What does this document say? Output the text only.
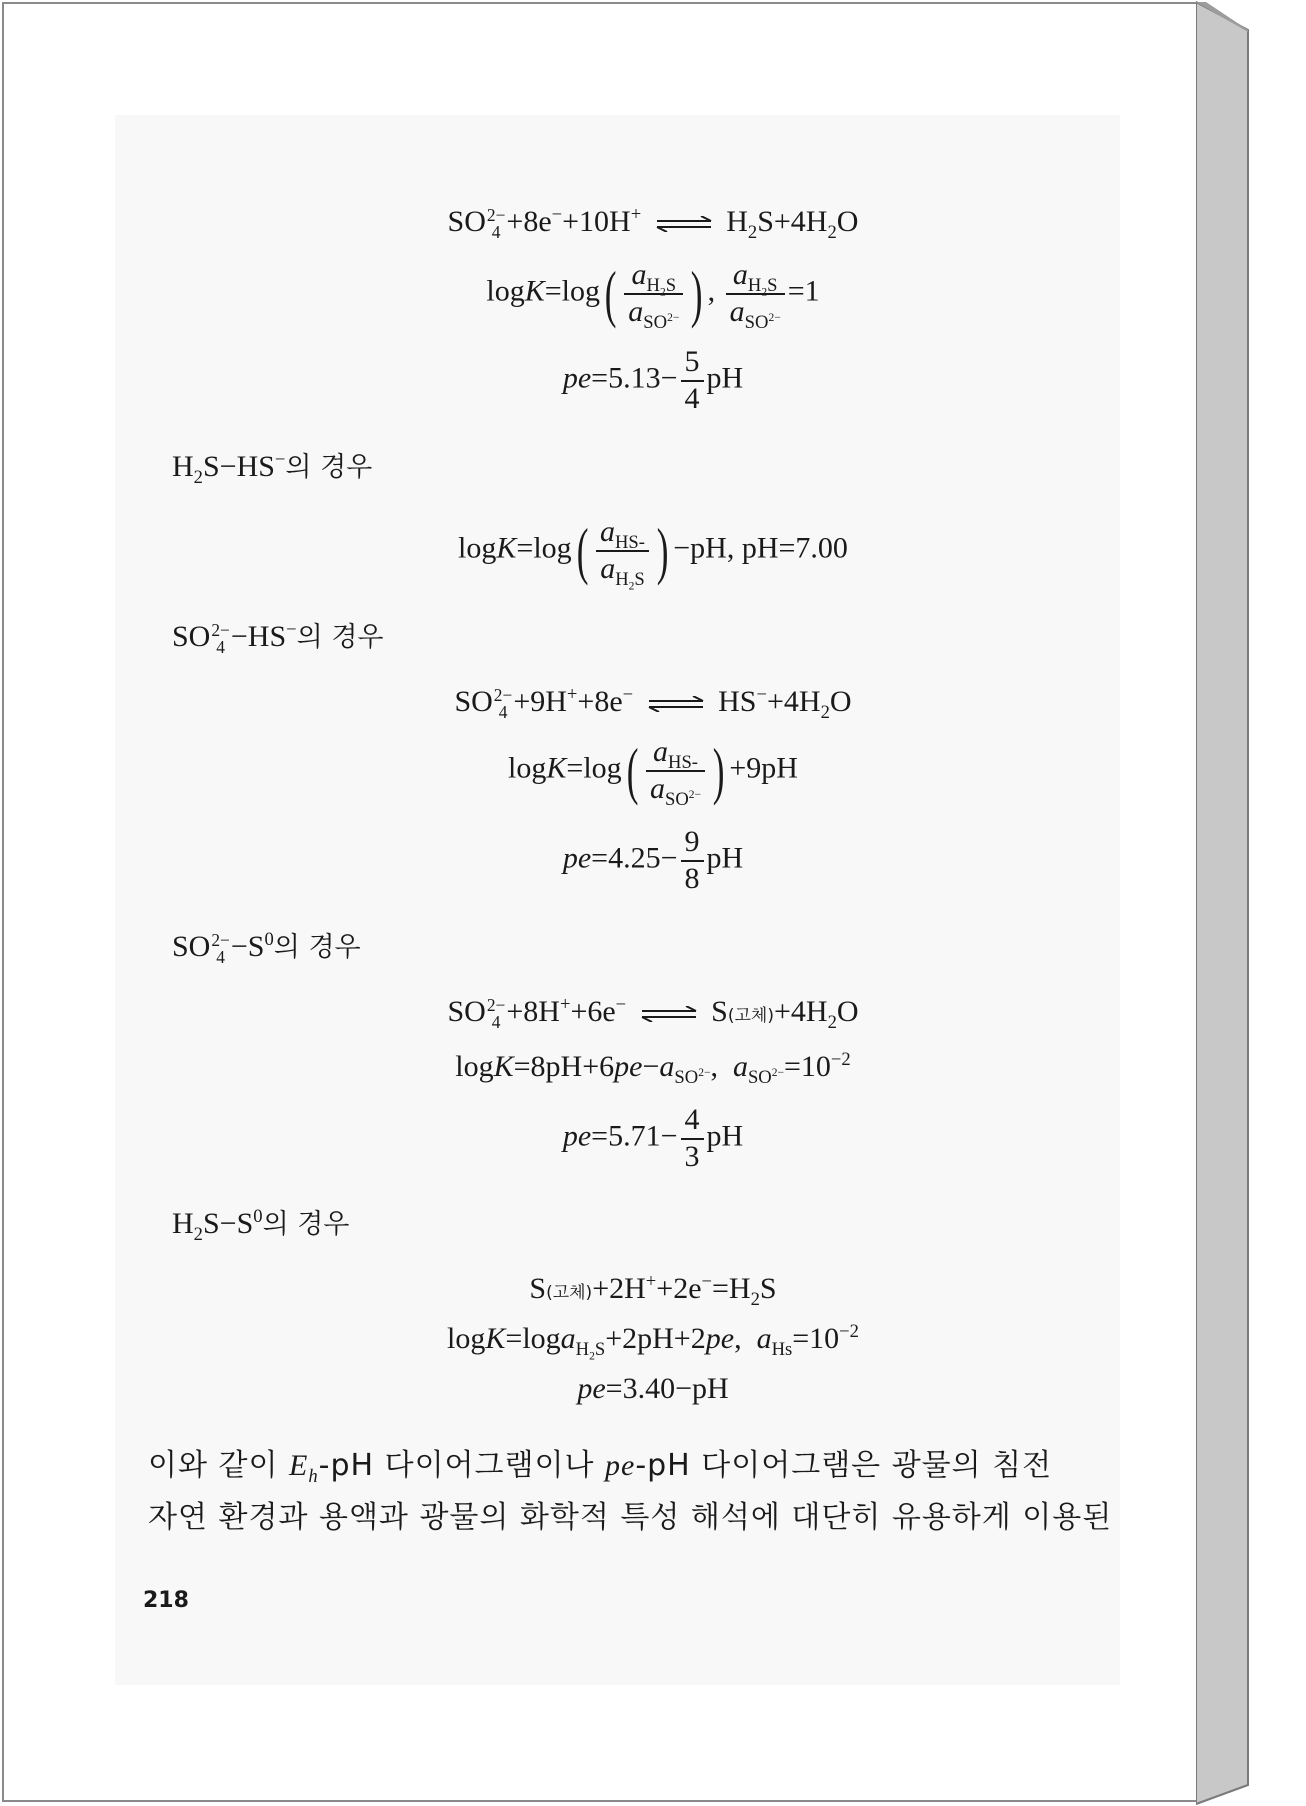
SO 2−
4 +8e−+10H+ ⇌ $H_2S+4H_2O$
$\log K=\log( \frac{a_{H_2S}}{a_{SO^{2-}}}$ ) , $\frac{a_{H_2S}}{a_{SO^{2-}}} =1$
$pe=5.13- \frac{5}{4}$ pH
$H_2S-HS^-$의 경우
$\log K=\log( \frac{a_{HS-}}{a_{H_2S}}$ ) −pH, pH=7.00
SO 2−
4 −HS−의 경우
SO 2−
4 +9H++8e− ⇌ $HS^-+4H_2O$
$\log K=\log( \frac{a_{HS-}}{a_{SO^{2-}}}$ ) +9pH
$pe=4.25- \frac{9}{8}$ pH
SO 2−
$4 -S^0$의 경우
SO 2−
4 +8H++6e− ⇌ S(고체)$+4H_2O$
$\log K=8pH+6pe-a_{SO^{2-}}$, $a_{SO^{2-}}=10^{-2}$
$pe=5.71- \frac{4}{3}$ pH
$H_2S-S^0$의 경우
S(고체)$+2H^++2e^-=H_2S$
logK=loga$_{H_2S}$+2pH+2pe, $a_{Hs}=10^{-2}$
pe=3.40−pH
이와 같이 $E_h-pH$ 다이어그램이나 pe-pH 다이어그램은 광물의 침전
자연 환경과 용액과 광물의 화학적 특성 해석에 대단히 유용하게 이용된
218
